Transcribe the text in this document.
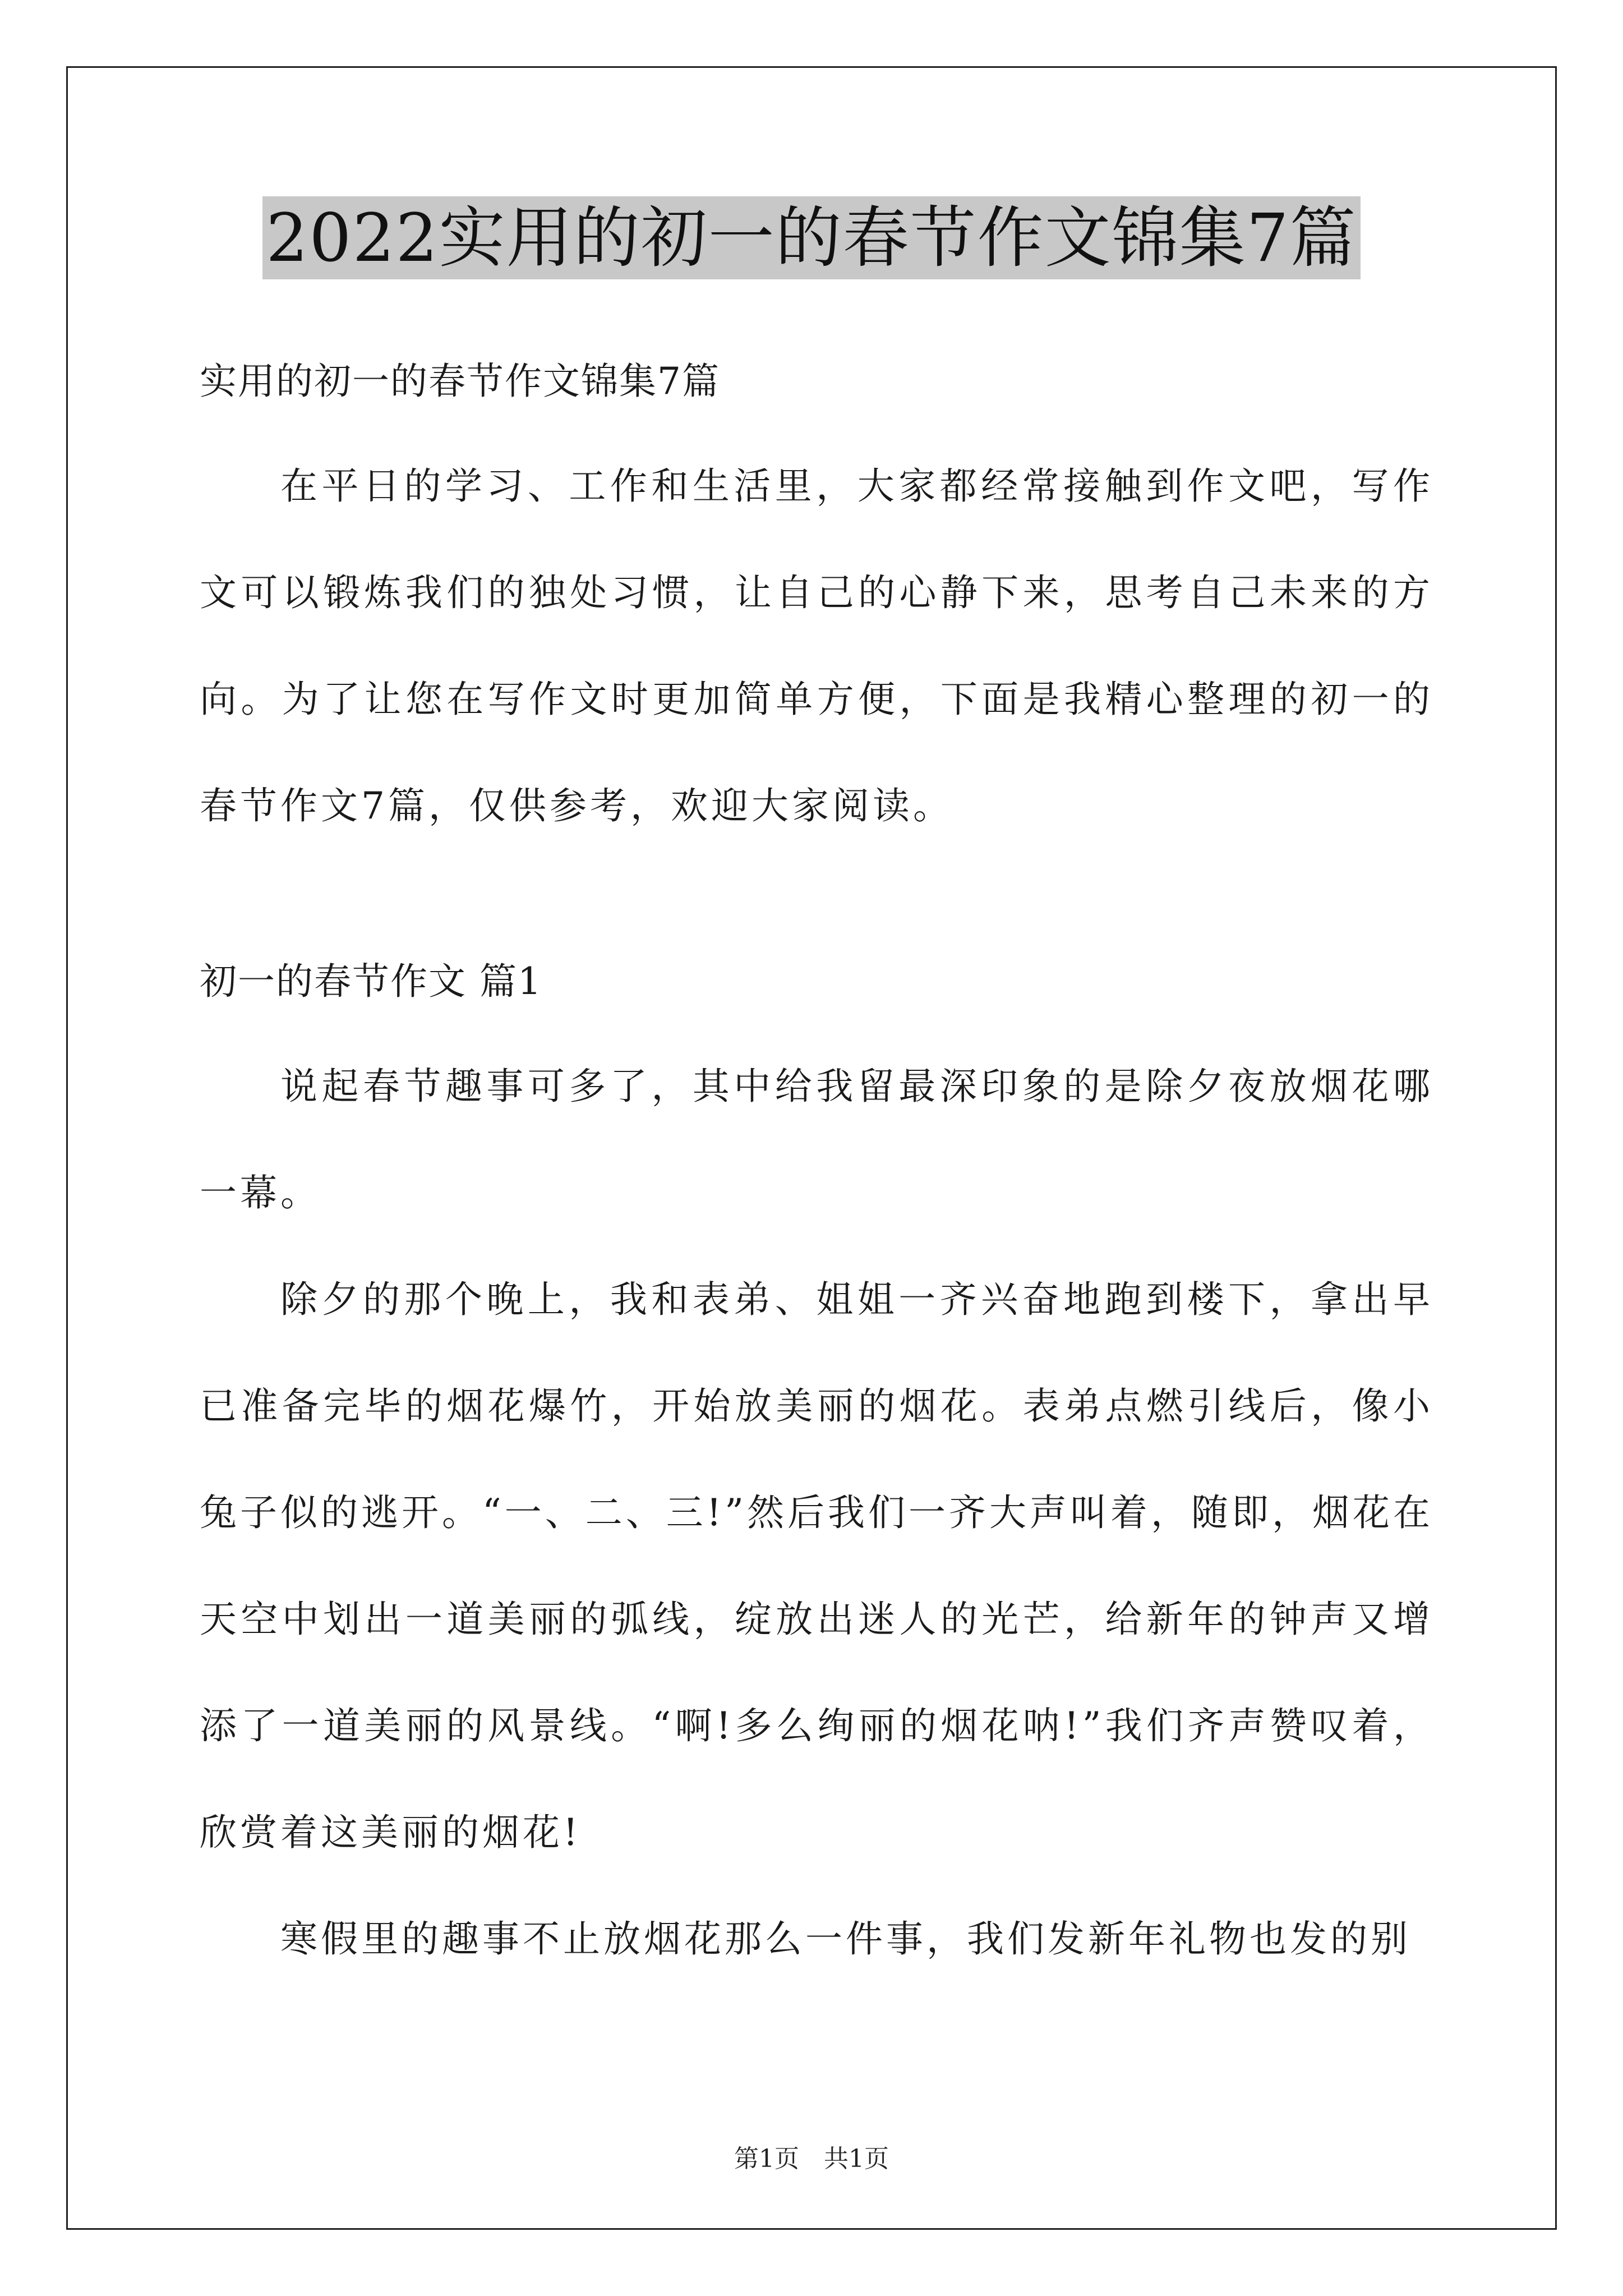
2022实用的初一的春节作文锦集7篇

实用的初一的春节作文锦集7篇

在平日的学习、工作和生活里，大家都经常接触到作文吧，写作文可以锻炼我们的独处习惯，让自己的心静下来，思考自己未来的方向。为了让您在写作文时更加简单方便，下面是我精心整理的初一的春节作文7篇，仅供参考，欢迎大家阅读。

初一的春节作文 篇1

说起春节趣事可多了，其中给我留最深印象的是除夕夜放烟花哪一幕。

除夕的那个晚上，我和表弟、姐姐一齐兴奋地跑到楼下，拿出早已准备完毕的烟花爆竹，开始放美丽的烟花。表弟点燃引线后，像小兔子似的逃开。“一、二、三!”然后我们一齐大声叫着，随即，烟花在天空中划出一道美丽的弧线，绽放出迷人的光芒，给新年的钟声又增添了一道美丽的风景线。“啊!多么绚丽的烟花呐!”我们齐声赞叹着，欣赏着这美丽的烟花!

寒假里的趣事不止放烟花那么一件事，我们发新年礼物也发的别

第1页　共1页
